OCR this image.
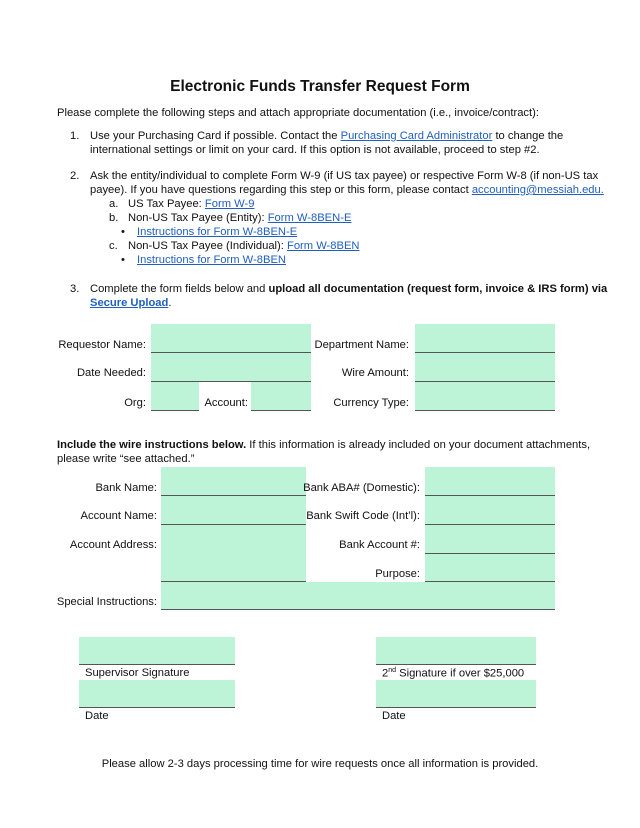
Electronic Funds Transfer Request Form
Please complete the following steps and attach appropriate documentation (i.e., invoice/contract):
1. Use your Purchasing Card if possible. Contact the Purchasing Card Administrator to change the
international settings or limit on your card. If this option is not available, proceed to step #2.
2. Ask the entity/individual to complete Form W-9 (if US tax payee) or respective Form W-8 (if non-US tax
payee). If you have questions regarding this step or this form, please contact accounting@messiah.edu.
a. US Tax Payee: Form W-9
b. Non-US Tax Payee (Entity): Form W-8BEN-E
• Instructions for Form W-8BEN-E
c. Non-US Tax Payee (Individual): Form W-8BEN
• Instructions for Form W-8BEN
3. Complete the form fields below and upload all documentation (request form, invoice & IRS form) via
Secure Upload.
Requestor Name:	Department Name:
Date Needed:	Wire Amount:
Org:	Account:	Currency Type:
Include the wire instructions below. If this information is already included on your document attachments,
please write “see attached.”
Bank Name:	Bank ABA# (Domestic):
Account Name:	Bank Swift Code (Int’l):
Account Address:	Bank Account #:
Purpose:
Special Instructions:
Supervisor Signature
Date
2nd Signature if over $25,000
Date
Please allow 2-3 days processing time for wire requests once all information is provided.
